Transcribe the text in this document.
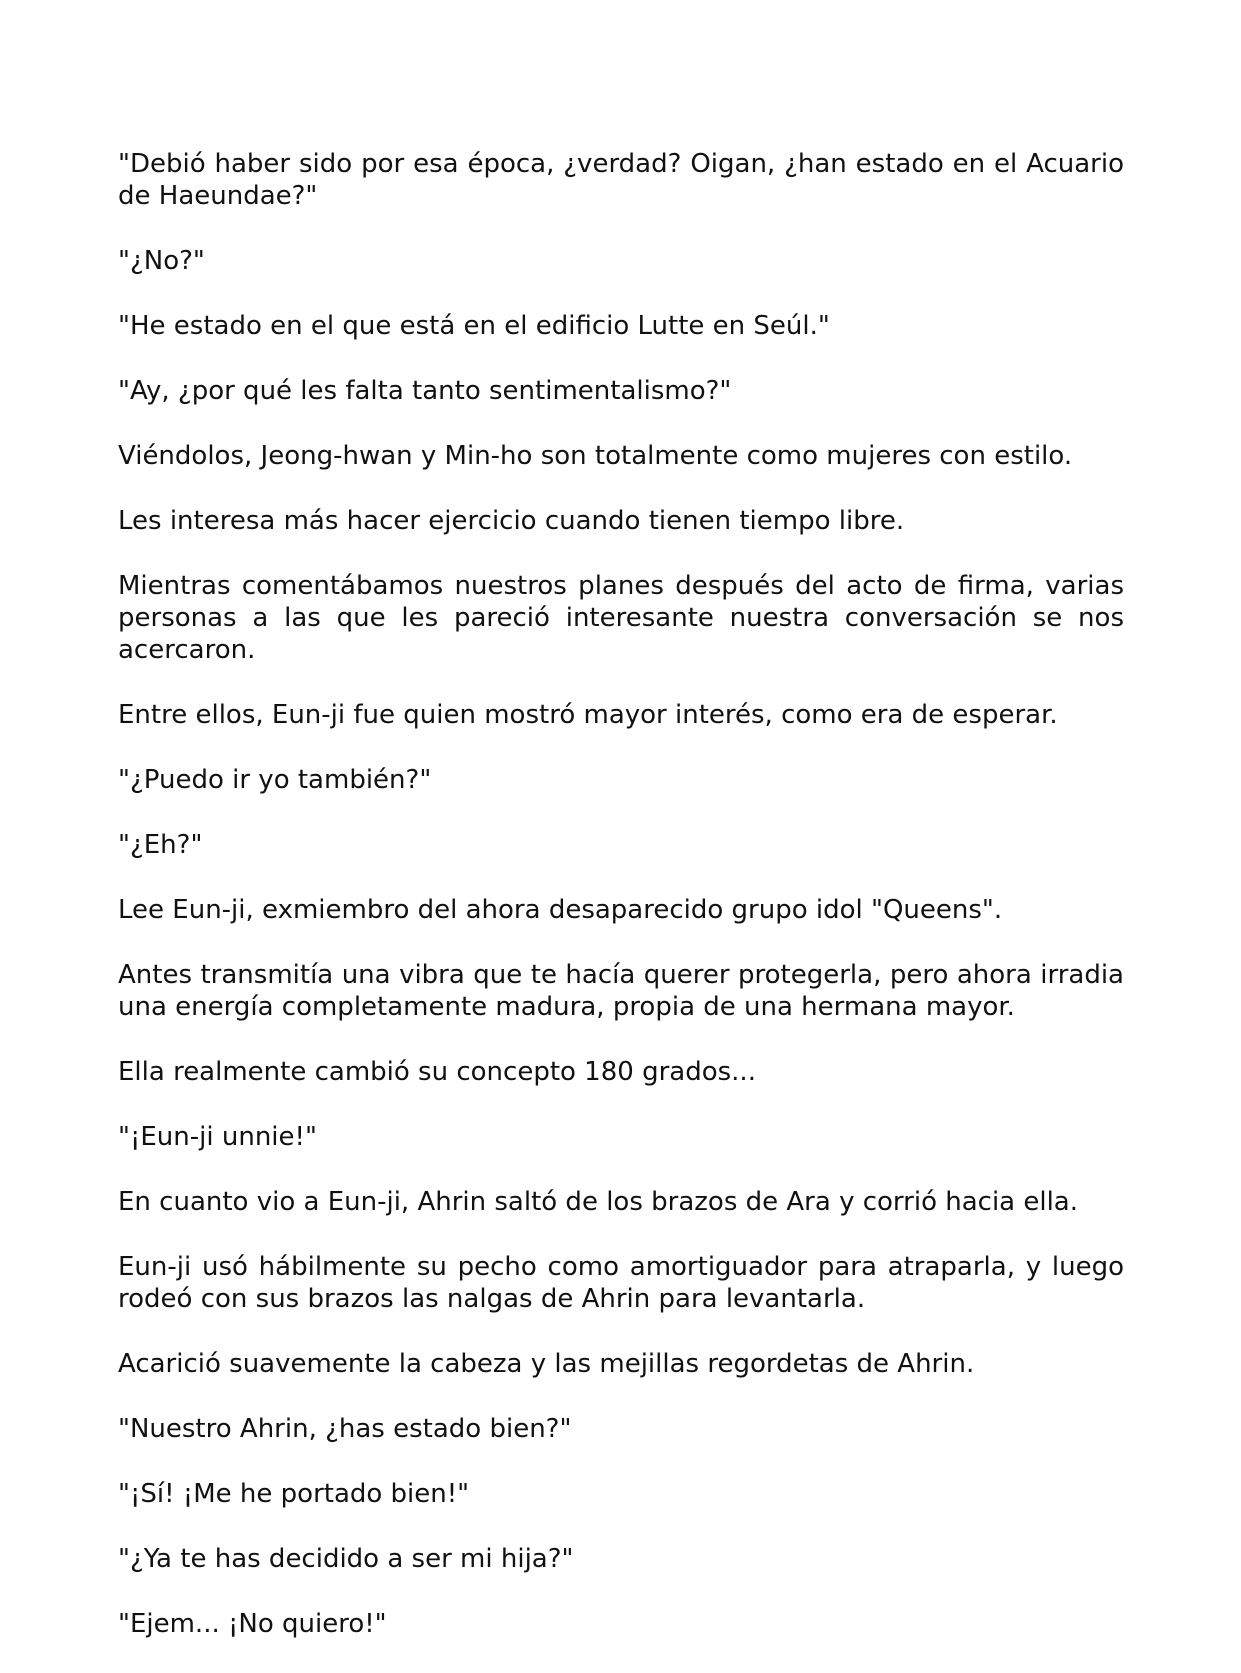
"Debió haber sido por esa época, ¿verdad? Oigan, ¿han estado en el Acuario de Haeundae?"

"¿No?"

"He estado en el que está en el edificio Lutte en Seúl."

"Ay, ¿por qué les falta tanto sentimentalismo?"

Viéndolos, Jeong-hwan y Min-ho son totalmente como mujeres con estilo.

Les interesa más hacer ejercicio cuando tienen tiempo libre.

Mientras comentábamos nuestros planes después del acto de firma, varias personas a las que les pareció interesante nuestra conversación se nos acercaron.

Entre ellos, Eun-ji fue quien mostró mayor interés, como era de esperar.

"¿Puedo ir yo también?"

"¿Eh?"

Lee Eun-ji, exmiembro del ahora desaparecido grupo idol "Queens".

Antes transmitía una vibra que te hacía querer protegerla, pero ahora irradia una energía completamente madura, propia de una hermana mayor.

Ella realmente cambió su concepto 180 grados...

"¡Eun-ji unnie!"

En cuanto vio a Eun-ji, Ahrin saltó de los brazos de Ara y corrió hacia ella.

Eun-ji usó hábilmente su pecho como amortiguador para atraparla, y luego rodeó con sus brazos las nalgas de Ahrin para levantarla.

Acarició suavemente la cabeza y las mejillas regordetas de Ahrin.

"Nuestro Ahrin, ¿has estado bien?"

"¡Sí! ¡Me he portado bien!"

"¿Ya te has decidido a ser mi hija?"

"Ejem... ¡No quiero!"
